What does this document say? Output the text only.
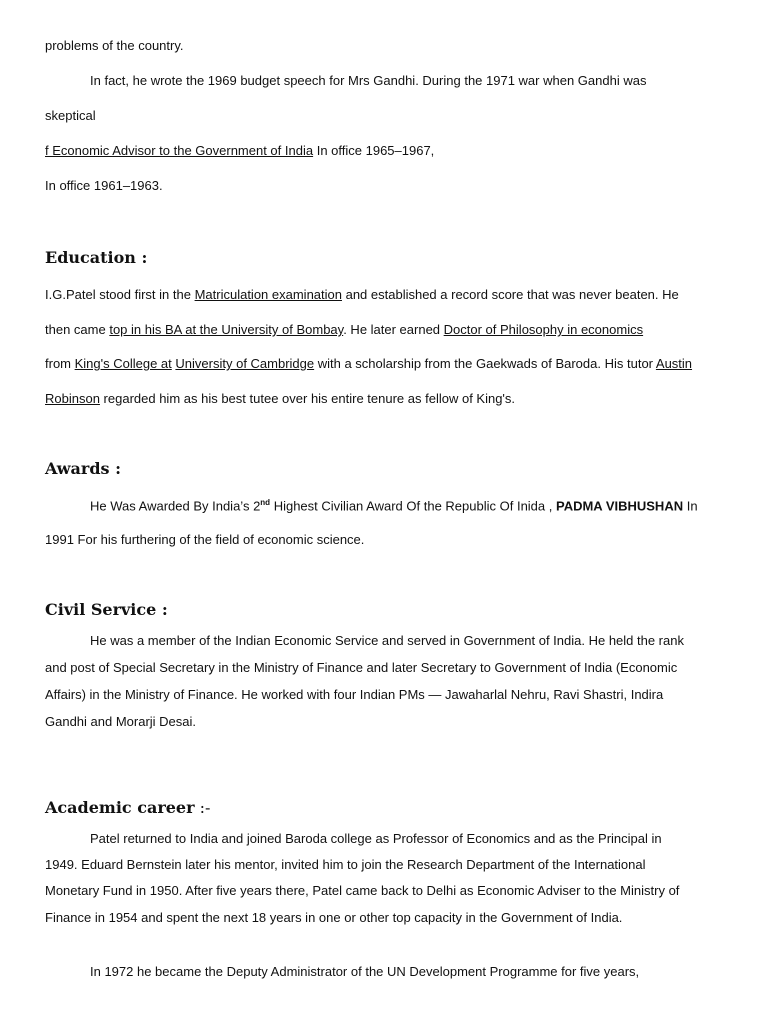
problems of the country.
In fact, he wrote the 1969 budget speech for Mrs Gandhi. During the 1971 war when Gandhi was
skeptical
f Economic Advisor to the Government of India In office 1965–1967,
In office 1961–1963.
Education :
I.G.Patel stood first in the Matriculation examination and established a record score that was never beaten. He
then came top in his BA at the University of Bombay. He later earned Doctor of Philosophy in economics
from King's College at University of Cambridge with a scholarship from the Gaekwads of Baroda. His tutor Austin
Robinson regarded him as his best tutee over his entire tenure as fellow of King's.
Awards :
He Was Awarded By India’s 2nd Highest Civilian Award Of the Republic Of Inida , PADMA VIBHUSHAN In
1991 For his furthering of the field of economic science.
Civil Service :
He was a member of the Indian Economic Service and served in Government of India. He held the rank
and post of Special Secretary in the Ministry of Finance and later Secretary to Government of India (Economic
Affairs) in the Ministry of Finance. He worked with four Indian PMs — Jawaharlal Nehru, Ravi Shastri, Indira
Gandhi and Morarji Desai.
Academic career :-
Patel returned to India and joined Baroda college as Professor of Economics and as the Principal in
1949. Eduard Bernstein later his mentor, invited him to join the Research Department of the International
Monetary Fund in 1950. After five years there, Patel came back to Delhi as Economic Adviser to the Ministry of
Finance in 1954 and spent the next 18 years in one or other top capacity in the Government of India.
In 1972 he became the Deputy Administrator of the UN Development Programme for five years,
